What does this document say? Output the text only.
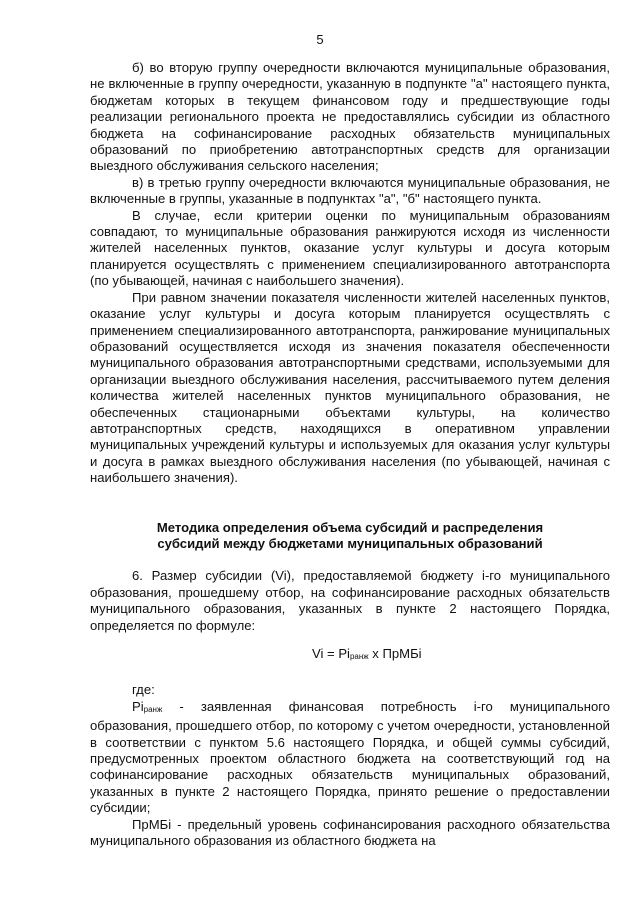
5

б) во вторую группу очередности включаются муниципальные образования, не включенные в группу очередности, указанную в подпункте "а" настоящего пункта, бюджетам которых в текущем финансовом году и предшествующие годы реализации регионального проекта не предоставлялись субсидии из областного бюджета на софинансирование расходных обязательств муниципальных образований по приобретению автотранспортных средств для организации выездного обслуживания сельского населения;

в) в третью группу очередности включаются муниципальные образования, не включенные в группы, указанные в подпунктах "а", "б" настоящего пункта.

В случае, если критерии оценки по муниципальным образованиям совпадают, то муниципальные образования ранжируются исходя из численности жителей населенных пунктов, оказание услуг культуры и досуга которым планируется осуществлять с применением специализированного автотранспорта (по убывающей, начиная с наибольшего значения).

При равном значении показателя численности жителей населенных пунктов, оказание услуг культуры и досуга которым планируется осуществлять с применением специализированного автотранспорта, ранжирование муниципальных образований осуществляется исходя из значения показателя обеспеченности муниципального образования автотранспортными средствами, используемыми для организации выездного обслуживания населения, рассчитываемого путем деления количества жителей населенных пунктов муниципального образования, не обеспеченных стационарными объектами культуры, на количество автотранспортных средств, находящихся в оперативном управлении муниципальных учреждений культуры и используемых для оказания услуг культуры и досуга в рамках выездного обслуживания населения (по убывающей, начиная с наибольшего значения).

Методика определения объема субсидий и распределения
субсидий между бюджетами муниципальных образований

6. Размер субсидии (Vi), предоставляемой бюджету i-го муниципального образования, прошедшему отбор, на софинансирование расходных обязательств муниципального образования, указанных в пункте 2 настоящего Порядка, определяется по формуле:

Vi = Piранж x ПрМБi

где:

Piранж - заявленная финансовая потребность i-го муниципального образования, прошедшего отбор, по которому с учетом очередности, установленной в соответствии с пунктом 5.6 настоящего Порядка, и общей суммы субсидий, предусмотренных проектом областного бюджета на соответствующий год на софинансирование расходных обязательств муниципальных образований, указанных в пункте 2 настоящего Порядка, принято решение о предоставлении субсидии;

ПрМБi - предельный уровень софинансирования расходного обязательства муниципального образования из областного бюджета на
